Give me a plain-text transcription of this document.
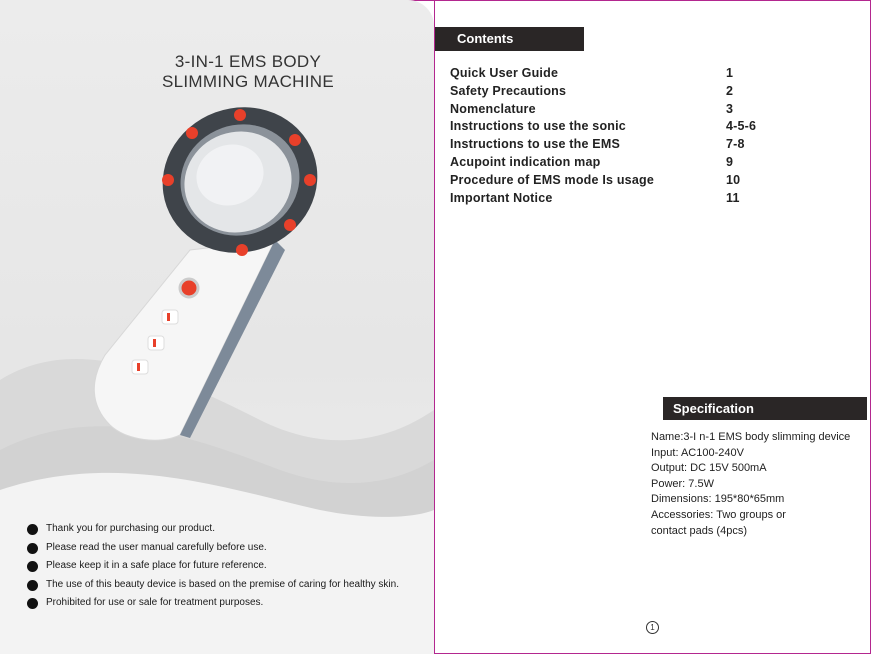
3-IN-1 EMS BODY
SLIMMING MACHINE
Thank you for purchasing our product.
Please read the user manual carefully before use.
Please keep it in a safe place for future reference.
The use of this beauty device is based on the premise of caring for healthy skin.
Prohibited for use or sale for treatment purposes.
Contents
Quick User Guide	1
Safety Precautions	2
Nomenclature	3
Instructions to use the sonic	4-5-6
Instructions to use the EMS	7-8
Acupoint indication map	9
Procedure of EMS mode Is usage	10
Important Notice	11
Specification
Name:3-I n-1 EMS body slimming device
Input: AC100-240V
Output: DC 15V 500mA
Power: 7.5W
Dimensions: 195*80*65mm
Accessories: Two groups or
contact pads (4pcs)
1
